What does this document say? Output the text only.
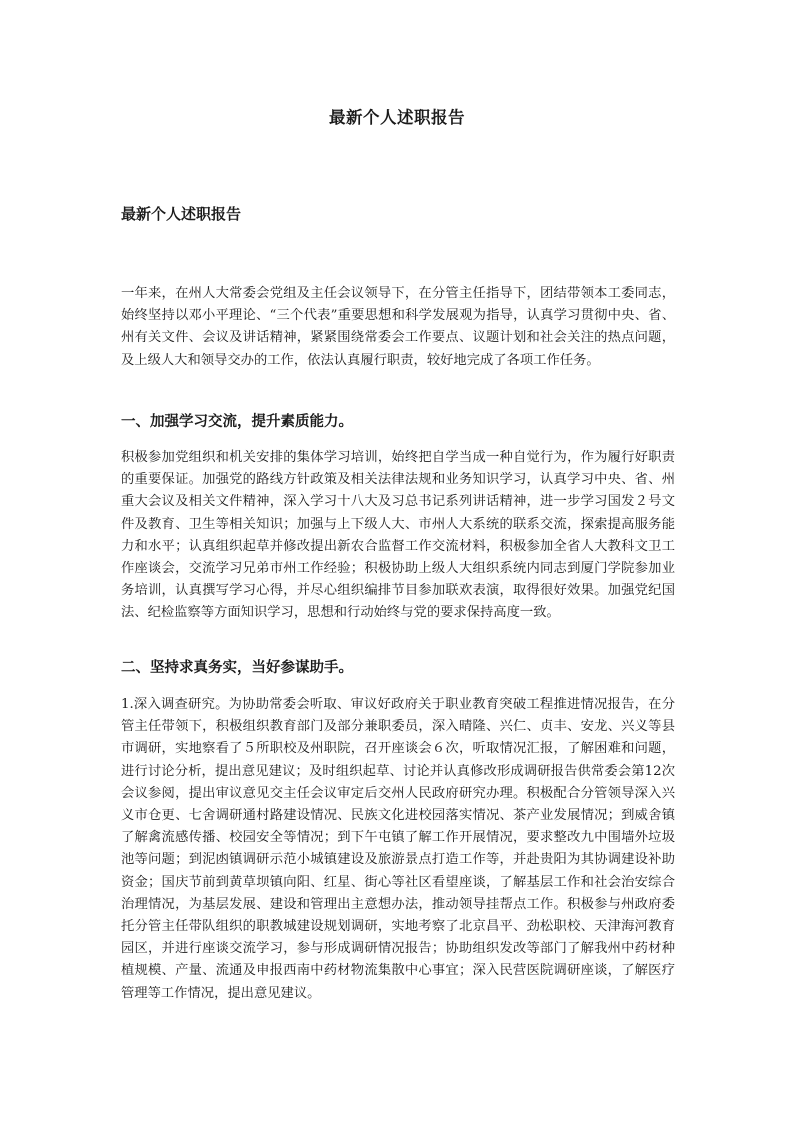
最新个人述职报告
最新个人述职报告

一年来，在州人大常委会党组及主任会议领导下，在分管主任指导下，团结带领本工委同志，始终坚持以邓小平理论、“三个代表”重要思想和科学发展观为指导，认真学习贯彻中央、省、州有关文件、会议及讲话精神，紧紧围绕常委会工作要点、议题计划和社会关注的热点问题，及上级人大和领导交办的工作，依法认真履行职责，较好地完成了各项工作任务。

一、加强学习交流，提升素质能力。

积极参加党组织和机关安排的集体学习培训，始终把自学当成一种自觉行为，作为履行好职责的重要保证。加强党的路线方针政策及相关法律法规和业务知识学习，认真学习中央、省、州重大会议及相关文件精神，深入学习十八大及习总书记系列讲话精神，进一步学习国发２号文件及教育、卫生等相关知识；加强与上下级人大、市州人大系统的联系交流，探索提高服务能力和水平；认真组织起草并修改提出新农合监督工作交流材料，积极参加全省人大教科文卫工作座谈会，交流学习兄弟市州工作经验；积极协助上级人大组织系统内同志到厦门学院参加业务培训，认真撰写学习心得，并尽心组织编排节目参加联欢表演，取得很好效果。加强党纪国法、纪检监察等方面知识学习，思想和行动始终与党的要求保持高度一致。

二、坚持求真务实，当好参谋助手。

1.深入调查研究。为协助常委会听取、审议好政府关于职业教育突破工程推进情况报告，在分管主任带领下，积极组织教育部门及部分兼职委员，深入晴隆、兴仁、贞丰、安龙、兴义等县市调研，实地察看了５所职校及州职院，召开座谈会６次，听取情况汇报，了解困难和问题，进行讨论分析，提出意见建议；及时组织起草、讨论并认真修改形成调研报告供常委会第12次会议参阅，提出审议意见交主任会议审定后交州人民政府研究办理。积极配合分管领导深入兴义市仓更、七舍调研通村路建设情况、民族文化进校园落实情况、茶产业发展情况；到威舍镇了解禽流感传播、校园安全等情况；到下午屯镇了解工作开展情况，要求整改九中围墙外垃圾池等问题；到泥凼镇调研示范小城镇建设及旅游景点打造工作等，并赴贵阳为其协调建设补助资金；国庆节前到黄草坝镇向阳、红星、街心等社区看望座谈，了解基层工作和社会治安综合治理情况，为基层发展、建设和管理出主意想办法，推动领导挂帮点工作。积极参与州政府委托分管主任带队组织的职教城建设规划调研，实地考察了北京昌平、劲松职校、天津海河教育园区，并进行座谈交流学习，参与形成调研情况报告；协助组织发改等部门了解我州中药材种植规模、产量、流通及申报西南中药材物流集散中心事宜；深入民营医院调研座谈，了解医疗管理等工作情况，提出意见建议。
